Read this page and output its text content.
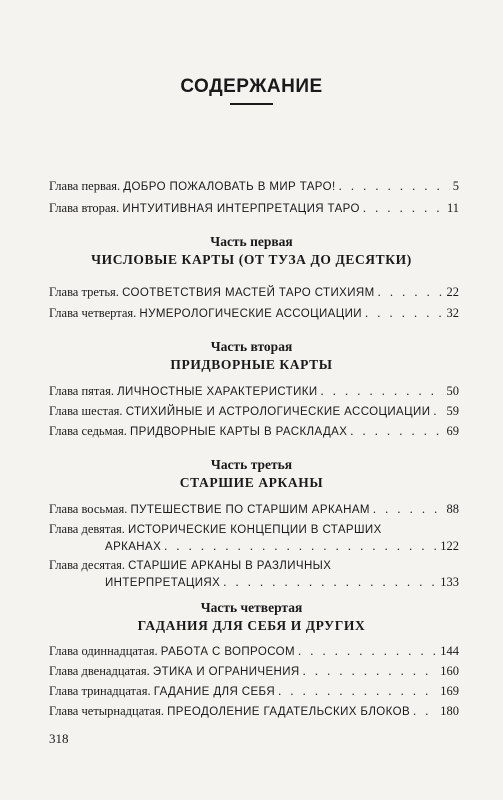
СОДЕРЖАНИЕ
Глава первая.
ДОБРО ПОЖАЛОВАТЬ В МИР ТАРО! . . .	5
Глава вторая.
ИНТУИТИВНАЯ ИНТЕРПРЕТАЦИЯ ТАРО . . .	11
Часть первая
ЧИСЛОВЫЕ КАРТЫ (ОТ ТУЗА ДО ДЕСЯТКИ)
Глава третья.
СООТВЕТСТВИЯ МАСТЕЙ ТАРО СТИХИЯМ . . .	22
Глава четвертая.
НУМЕРОЛОГИЧЕСКИЕ АССОЦИАЦИИ . . .	32
Часть вторая
ПРИДВОРНЫЕ КАРТЫ
Глава пятая.
ЛИЧНОСТНЫЕ ХАРАКТЕРИСТИКИ . . .	50
Глава шестая.
СТИХИЙНЫЕ И АСТРОЛОГИЧЕСКИЕ АССОЦИАЦИИ . . . 59
Глава седьмая.
ПРИДВОРНЫЕ КАРТЫ В РАСКЛАДАХ . . .	69
Часть третья
СТАРШИЕ АРКАНЫ
Глава восьмая.
ПУТЕШЕСТВИЕ ПО СТАРШИМ АРКАНАМ . . .	88
Глава девятая.
ИСТОРИЧЕСКИЕ КОНЦЕПЦИИ В СТАРШИХ
АРКАНАХ . . .	122
Глава десятая.
СТАРШИЕ АРКАНЫ В РАЗЛИЧНЫХ
ИНТЕРПРЕТАЦИЯХ . . .	133
Часть четвертая
ГАДАНИЯ ДЛЯ СЕБЯ И ДРУГИХ
Глава одиннадцатая.
РАБОТА С ВОПРОСОМ . . .	144
Глава двенадцатая.
ЭТИКА И ОГРАНИЧЕНИЯ . . .	160
Глава тринадцатая.
ГАДАНИЕ ДЛЯ СЕБЯ . . .	169
Глава четырнадцатая.
ПРЕОДОЛЕНИЕ ГАДАТЕЛЬСКИХ БЛОКОВ . . . 180
318
